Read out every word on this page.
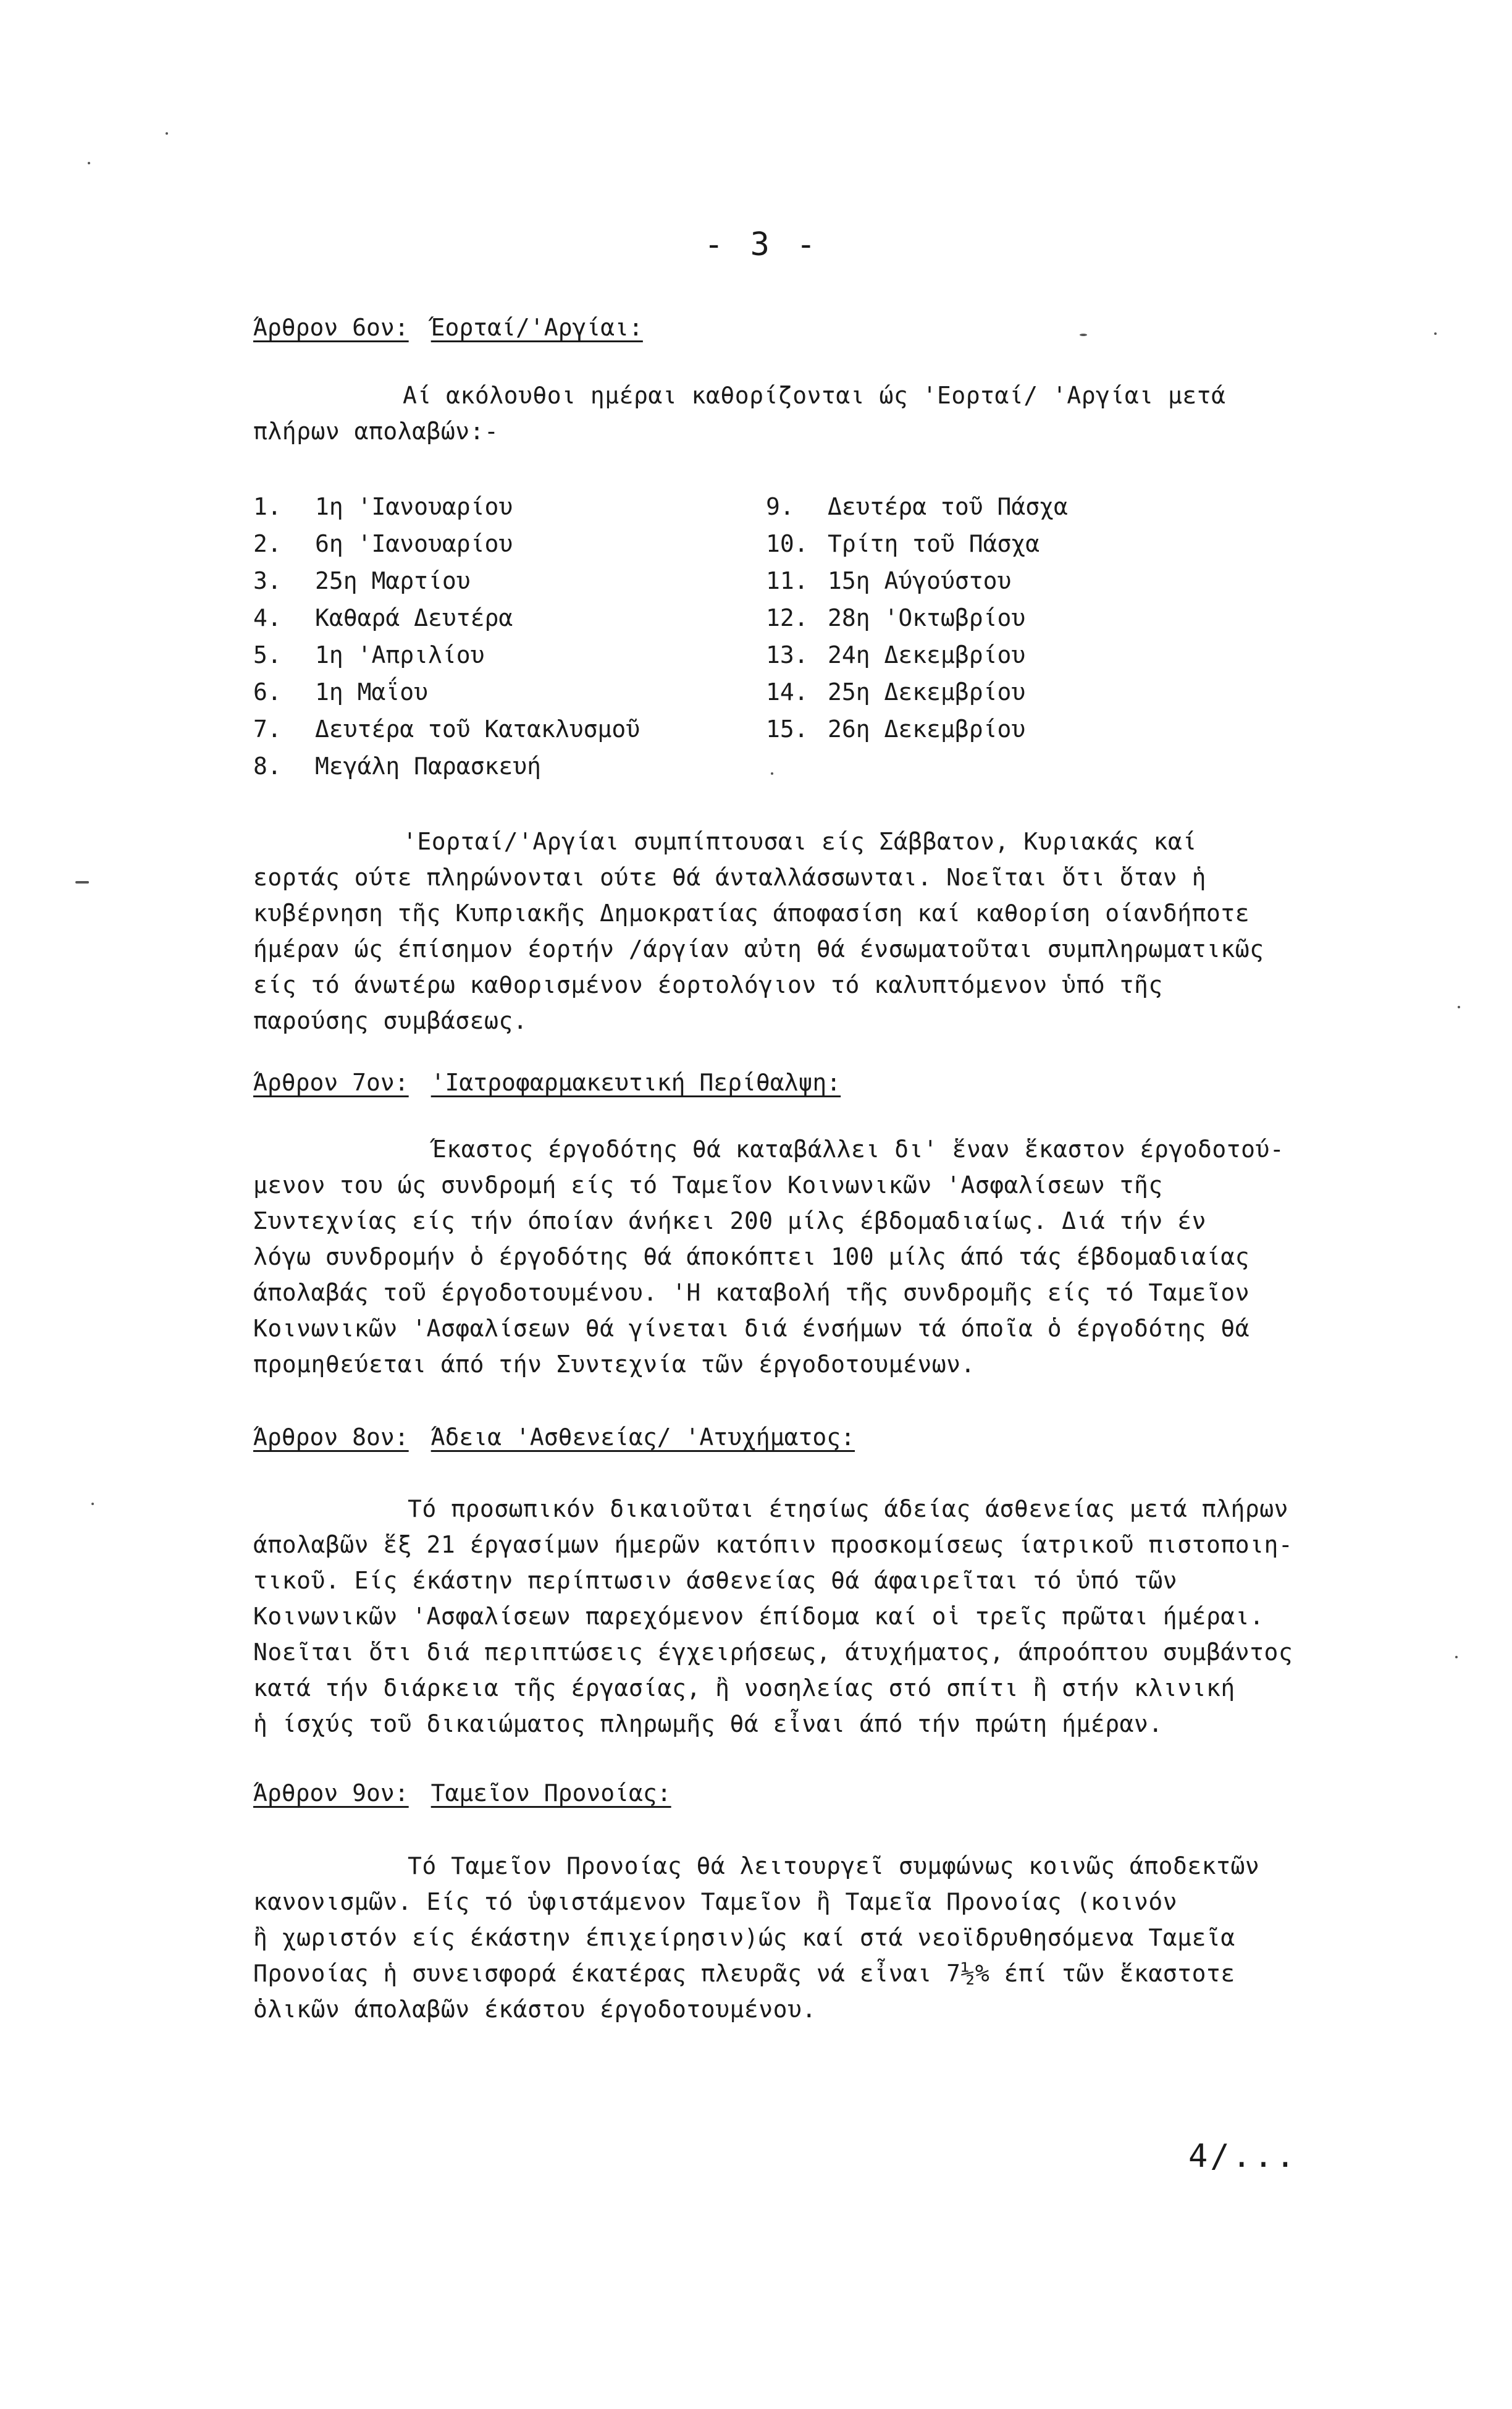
- 3 -
Άρθρον 6ον: Έορταί/'Αργίαι:
Αί ακόλουθοι ημέραι καθορίζονται ώς 'Εορταί/ 'Αργίαι μετά
πλήρων απολαβών:-
1. 1η 'Ιανουαρίου
2. 6η 'Ιανουαρίου
3. 25η Μαρτίου
4. Καθαρά Δευτέρα
5. 1η 'Απριλίου
6. 1η Μαΐου
7. Δευτέρα τοῦ Κατακλυσμοῦ
8. Μεγάλη Παρασκευή
9. Δευτέρα τοῦ Πάσχα
10. Τρίτη τοῦ Πάσχα
11. 15η Αύγούστου
12. 28η 'Οκτωβρίου
13. 24η Δεκεμβρίου
14. 25η Δεκεμβρίου
15. 26η Δεκεμβρίου
'Εορταί/'Αργίαι συμπίπτουσαι είς Σάββατον, Κυριακάς καί
εορτάς ούτε πληρώνονται ούτε θά άνταλλάσσωνται. Νοεῖται ὅτι ὅταν ἡ
κυβέρνηση τῆς Κυπριακῆς Δημοκρατίας άποφασίση καί καθορίση οίανδήποτε
ήμέραν ώς έπίσημον έορτήν /άργίαν αὐτη θά ένσωματοῦται συμπληρωματικῶς
είς τό άνωτέρω καθορισμένον έορτολόγιον τό καλυπτόμενον ὑπό τῆς
παρούσης συμβάσεως.
Άρθρον 7ον: 'Ιατροφαρμακευτική Περίθαλψη:
Έκαστος έργοδότης θά καταβάλλει δι' ἕναν ἕκαστον έργοδοτού-
μενον του ώς συνδρομή είς τό Ταμεῖον Κοινωνικῶν 'Ασφαλίσεων τῆς
Συντεχνίας είς τήν όποίαν άνήκει 200 μίλς έβδομαδιαίως. Διά τήν έν
λόγω συνδρομήν ὁ έργοδότης θά άποκόπτει 100 μίλς άπό τάς έβδομαδιαίας
άπολαβάς τοῦ έργοδοτουμένου. 'Η καταβολή τῆς συνδρομῆς είς τό Ταμεῖον
Κοινωνικῶν 'Ασφαλίσεων θά γίνεται διά ένσήμων τά όποῖα ὁ έργοδότης θά
προμηθεύεται άπό τήν Συντεχνία τῶν έργοδοτουμένων.
Άρθρον 8ον: Άδεια 'Ασθενείας/ 'Ατυχήματος:
Τό προσωπικόν δικαιοῦται έτησίως άδείας άσθενείας μετά πλήρων
άπολαβῶν ἕξ 21 έργασίμων ήμερῶν κατόπιν προσκομίσεως ίατρικοῦ πιστοποιη-
τικοῦ. Είς έκάστην περίπτωσιν άσθενείας θά άφαιρεῖται τό ὑπό τῶν
Κοινωνικῶν 'Ασφαλίσεων παρεχόμενον έπίδομα καί οἱ τρεῖς πρῶται ήμέραι.
Νοεῖται ὅτι διά περιπτώσεις έγχειρήσεως, άτυχήματος, άπροόπτου συμβάντος
κατά τήν διάρκεια τῆς έργασίας, ἢ νοσηλείας στό σπίτι ἢ στήν κλινική
ἡ ίσχύς τοῦ δικαιώματος πληρωμῆς θά εἶναι άπό τήν πρώτη ήμέραν.
Άρθρον 9ον: Ταμεῖον Προνοίας:
Τό Ταμεῖον Προνοίας θά λειτουργεῖ συμφώνως κοινῶς άποδεκτῶν
κανονισμῶν. Είς τό ὑφιστάμενον Ταμεῖον ἢ Ταμεῖα Προνοίας (κοινόν
ἢ χωριστόν είς έκάστην έπιχείρησιν)ώς καί στά νεοϊδρυθησόμενα Ταμεῖα
Προνοίας ἡ συνεισφορά έκατέρας πλευρᾶς νά εἶναι 7½% έπί τῶν ἕκαστοτε
ὁλικῶν άπολαβῶν έκάστου έργοδοτουμένου.
4/...
